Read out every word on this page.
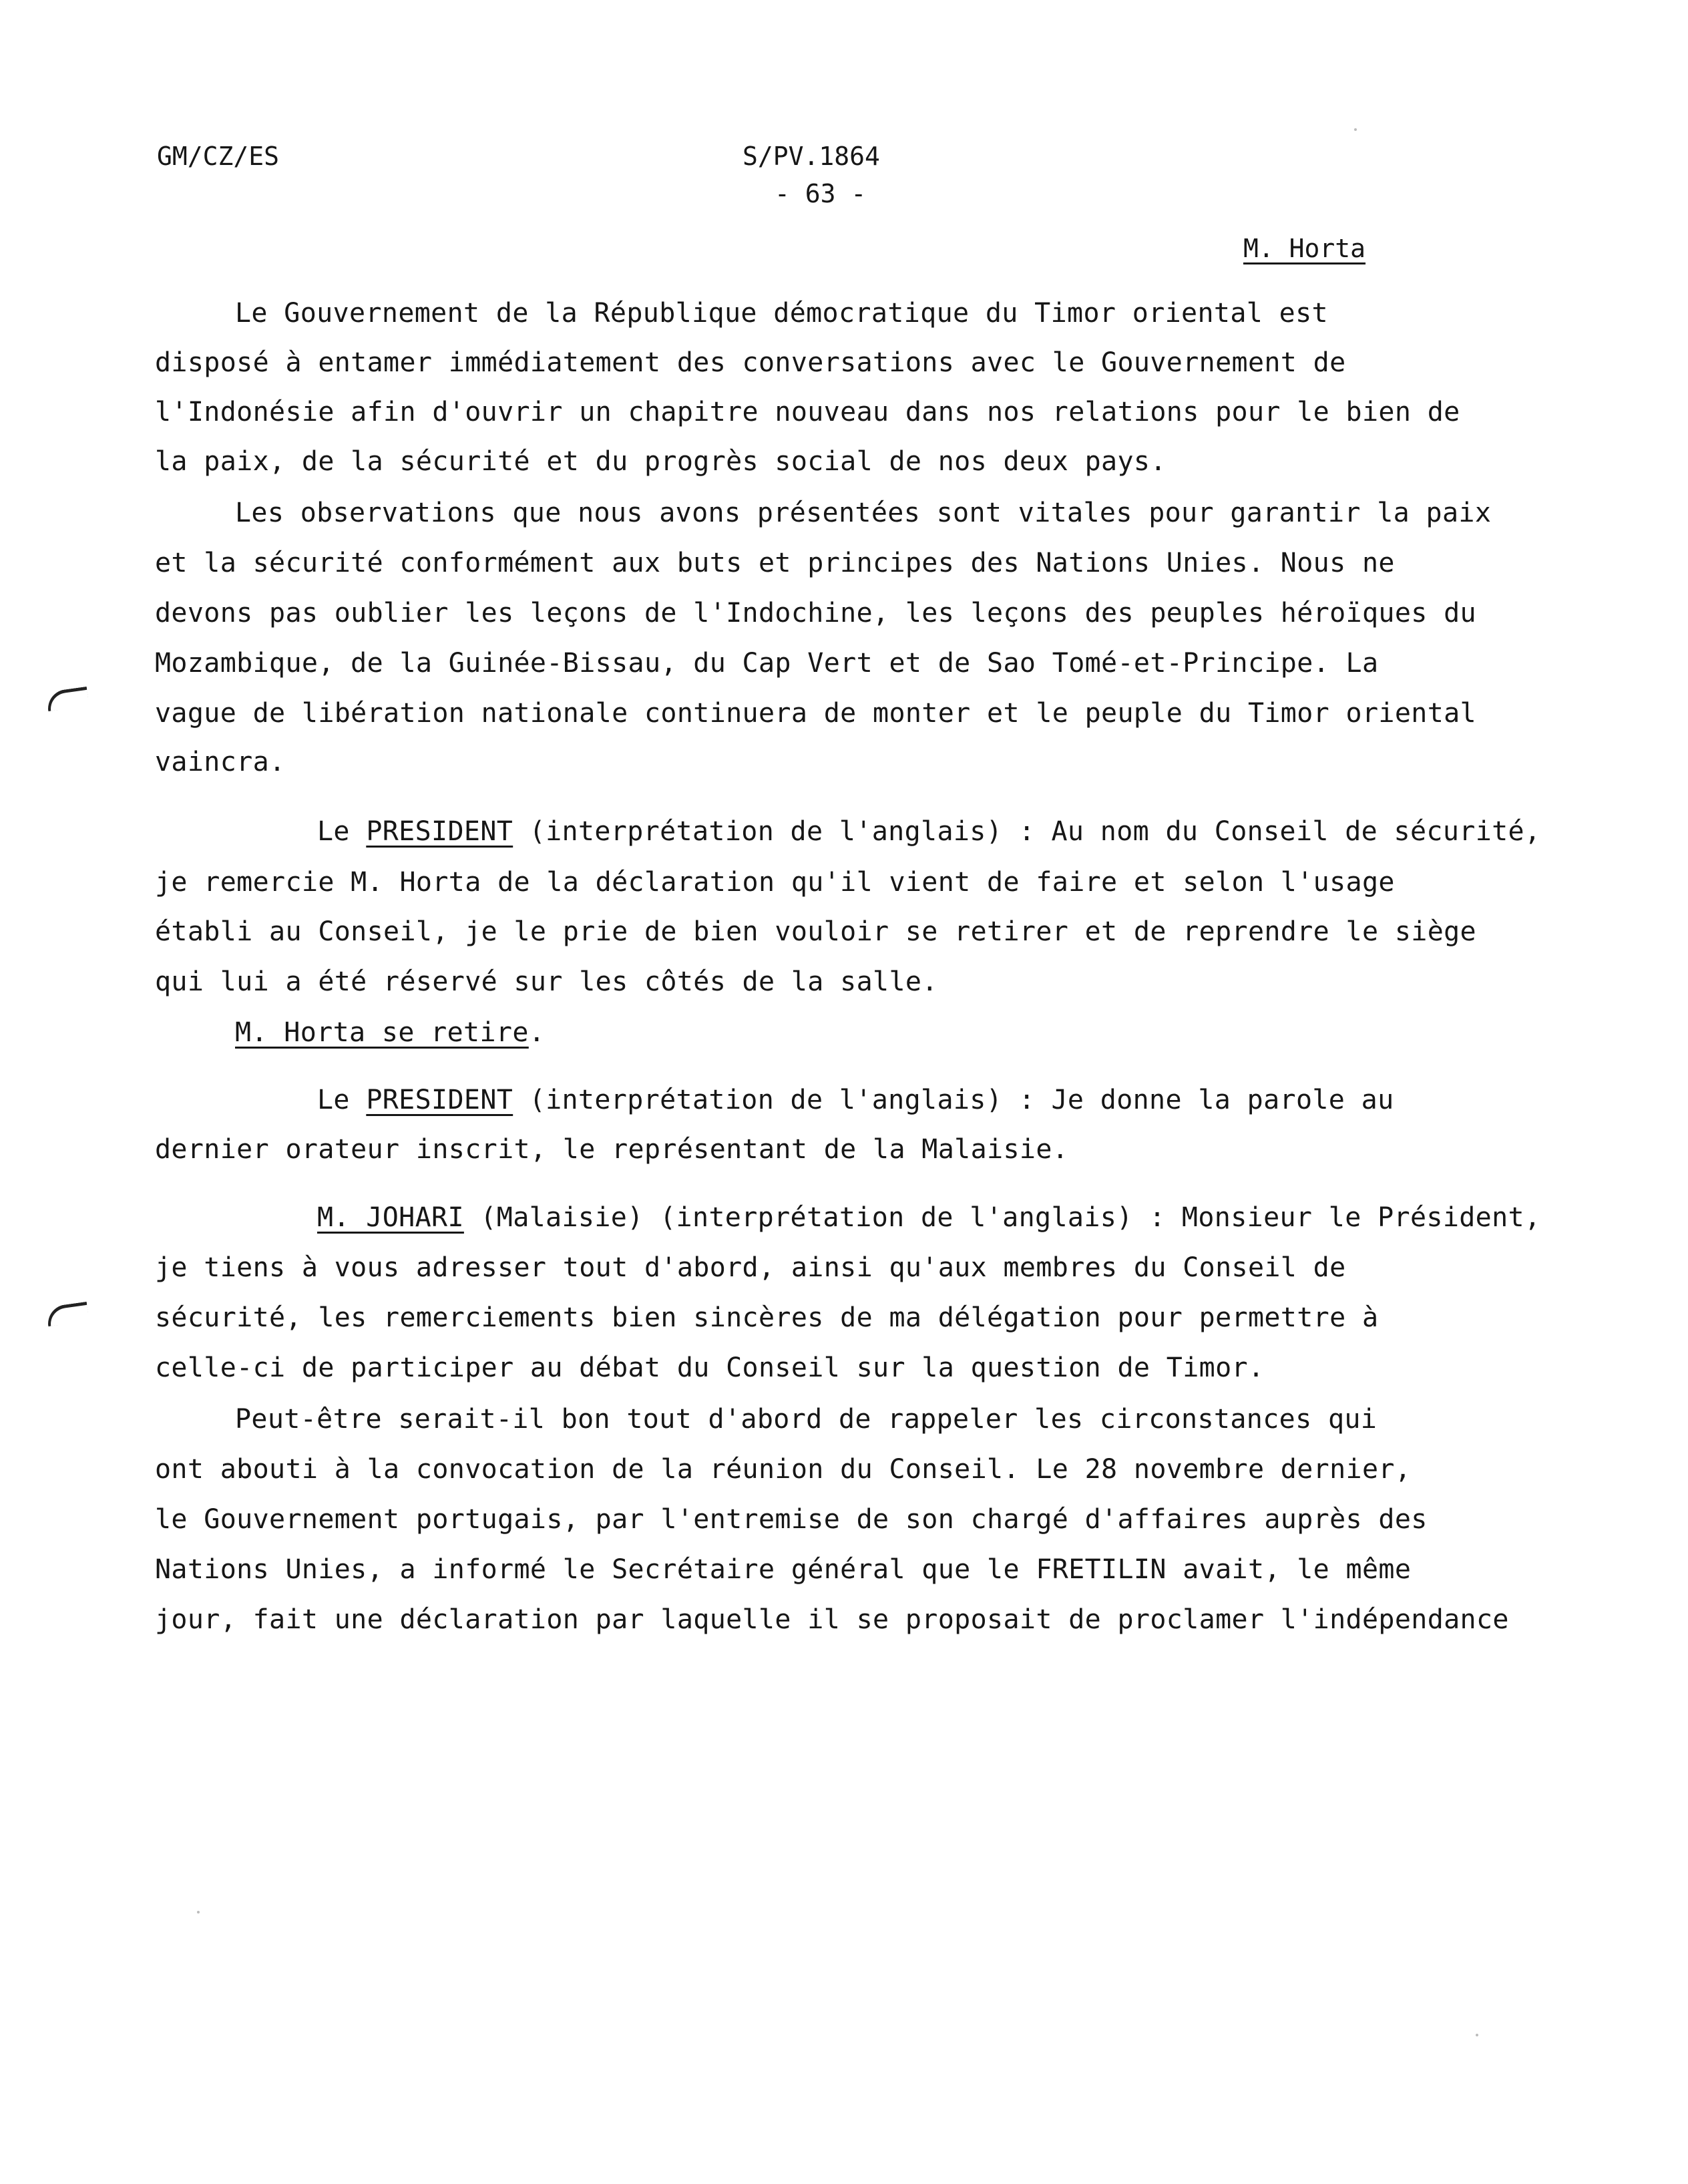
GM/CZ/ES	S/PV.1864
- 63 -
M. Horta
Le Gouvernement de la République démocratique du Timor oriental est
disposé à entamer immédiatement des conversations avec le Gouvernement de
l'Indonésie afin d'ouvrir un chapitre nouveau dans nos relations pour le bien de
la paix, de la sécurité et du progrès social de nos deux pays.
Les observations que nous avons présentées sont vitales pour garantir la paix
et la sécurité conformément aux buts et principes des Nations Unies. Nous ne
devons pas oublier les leçons de l'Indochine, les leçons des peuples héroïques du
Mozambique, de la Guinée-Bissau, du Cap Vert et de Sao Tomé-et-Principe. La
vague de libération nationale continuera de monter et le peuple du Timor oriental
vaincra.
Le PRESIDENT (interprétation de l'anglais) : Au nom du Conseil de sécurité,
je remercie M. Horta de la déclaration qu'il vient de faire et selon l'usage
établi au Conseil, je le prie de bien vouloir se retirer et de reprendre le siège
qui lui a été réservé sur les côtés de la salle.
M. Horta se retire.
Le PRESIDENT (interprétation de l'anglais) : Je donne la parole au
dernier orateur inscrit, le représentant de la Malaisie.
M. JOHARI (Malaisie) (interprétation de l'anglais) : Monsieur le Président,
je tiens à vous adresser tout d'abord, ainsi qu'aux membres du Conseil de
sécurité, les remerciements bien sincères de ma délégation pour permettre à
celle-ci de participer au débat du Conseil sur la question de Timor.
Peut-être serait-il bon tout d'abord de rappeler les circonstances qui
ont abouti à la convocation de la réunion du Conseil. Le 28 novembre dernier,
le Gouvernement portugais, par l'entremise de son chargé d'affaires auprès des
Nations Unies, a informé le Secrétaire général que le FRETILIN avait, le même
jour, fait une déclaration par laquelle il se proposait de proclamer l'indépendance
